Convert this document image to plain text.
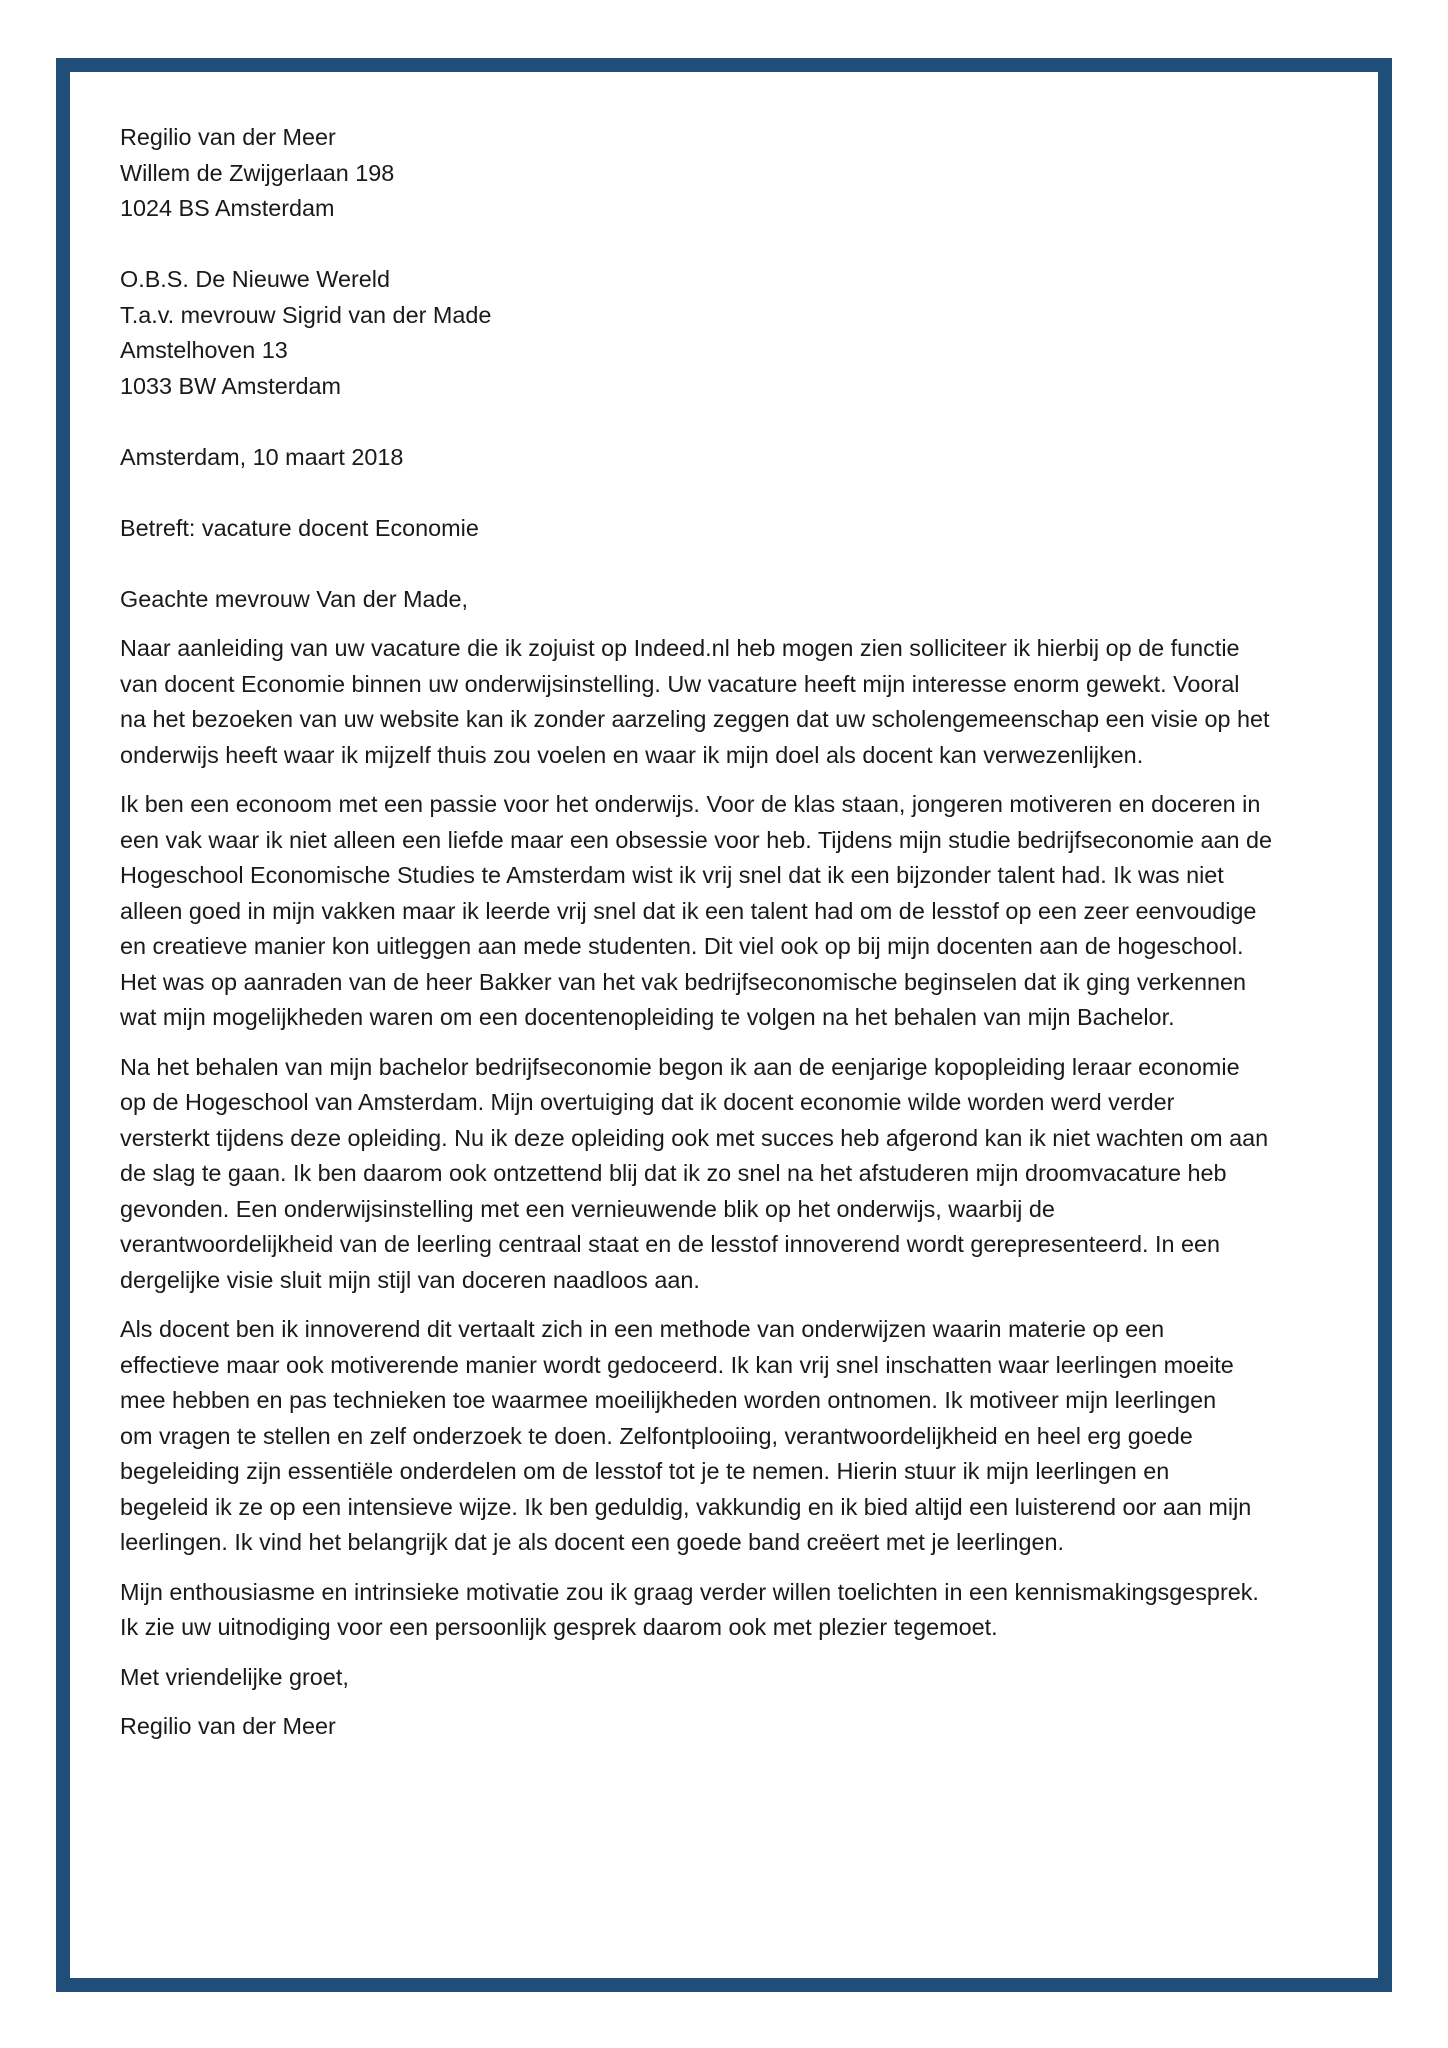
Regilio van der Meer

Willem de Zwijgerlaan 198

1024 BS Amsterdam

O.B.S. De Nieuwe Wereld

T.a.v. mevrouw Sigrid van der Made

Amstelhoven 13

1033 BW Amsterdam

Amsterdam, 10 maart 2018

Betreft: vacature docent Economie

Geachte mevrouw Van der Made,

Naar aanleiding van uw vacature die ik zojuist op Indeed.nl heb mogen zien solliciteer ik hierbij op de functie

van docent Economie binnen uw onderwijsinstelling. Uw vacature heeft mijn interesse enorm gewekt. Vooral

na het bezoeken van uw website kan ik zonder aarzeling zeggen dat uw scholengemeenschap een visie op het

onderwijs heeft waar ik mijzelf thuis zou voelen en waar ik mijn doel als docent kan verwezenlijken.

Ik ben een econoom met een passie voor het onderwijs. Voor de klas staan, jongeren motiveren en doceren in

een vak waar ik niet alleen een liefde maar een obsessie voor heb. Tijdens mijn studie bedrijfseconomie aan de

Hogeschool Economische Studies te Amsterdam wist ik vrij snel dat ik een bijzonder talent had. Ik was niet

alleen goed in mijn vakken maar ik leerde vrij snel dat ik een talent had om de lesstof op een zeer eenvoudige

en creatieve manier kon uitleggen aan mede studenten. Dit viel ook op bij mijn docenten aan de hogeschool.

Het was op aanraden van de heer Bakker van het vak bedrijfseconomische beginselen dat ik ging verkennen

wat mijn mogelijkheden waren om een docentenopleiding te volgen na het behalen van mijn Bachelor.

Na het behalen van mijn bachelor bedrijfseconomie begon ik aan de eenjarige kopopleiding leraar economie

op de Hogeschool van Amsterdam. Mijn overtuiging dat ik docent economie wilde worden werd verder

versterkt tijdens deze opleiding. Nu ik deze opleiding ook met succes heb afgerond kan ik niet wachten om aan

de slag te gaan. Ik ben daarom ook ontzettend blij dat ik zo snel na het afstuderen mijn droomvacature heb

gevonden. Een onderwijsinstelling met een vernieuwende blik op het onderwijs, waarbij de

verantwoordelijkheid van de leerling centraal staat en de lesstof innoverend wordt gerepresenteerd. In een

dergelijke visie sluit mijn stijl van doceren naadloos aan.

Als docent ben ik innoverend dit vertaalt zich in een methode van onderwijzen waarin materie op een

effectieve maar ook motiverende manier wordt gedoceerd. Ik kan vrij snel inschatten waar leerlingen moeite

mee hebben en pas technieken toe waarmee moeilijkheden worden ontnomen. Ik motiveer mijn leerlingen

om vragen te stellen en zelf onderzoek te doen. Zelfontplooiing, verantwoordelijkheid en heel erg goede

begeleiding zijn essentiële onderdelen om de lesstof tot je te nemen. Hierin stuur ik mijn leerlingen en

begeleid ik ze op een intensieve wijze. Ik ben geduldig, vakkundig en ik bied altijd een luisterend oor aan mijn

leerlingen. Ik vind het belangrijk dat je als docent een goede band creëert met je leerlingen.

Mijn enthousiasme en intrinsieke motivatie zou ik graag verder willen toelichten in een kennismakingsgesprek.

Ik zie uw uitnodiging voor een persoonlijk gesprek daarom ook met plezier tegemoet.

Met vriendelijke groet,

Regilio van der Meer
